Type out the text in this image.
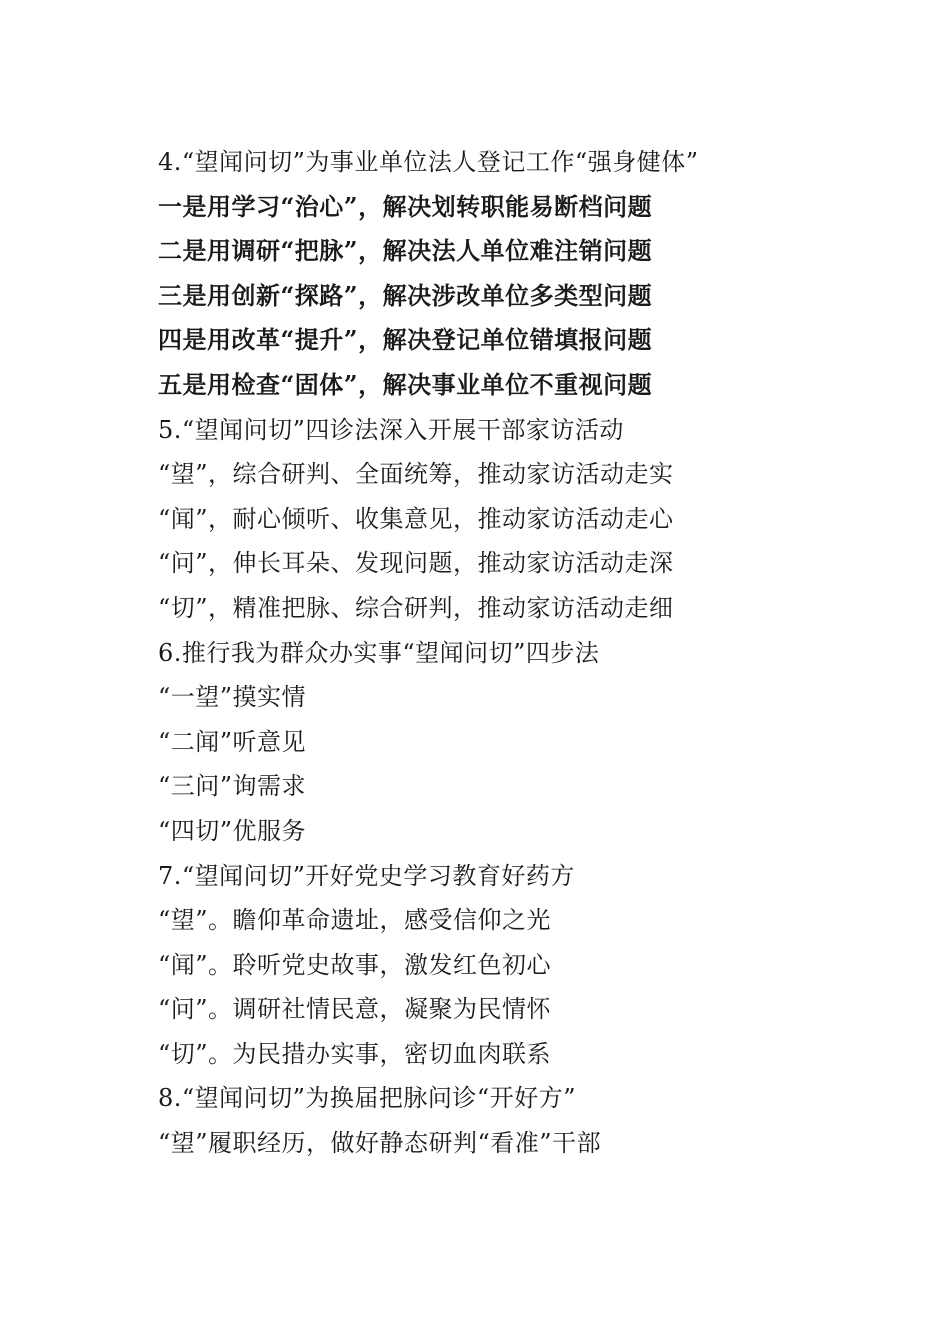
4.“望闻问切”为事业单位法人登记工作“强身健体”
一是用学习“治心”，解决划转职能易断档问题
二是用调研“把脉”，解决法人单位难注销问题
三是用创新“探路”，解决涉改单位多类型问题
四是用改革“提升”，解决登记单位错填报问题
五是用检查“固体”，解决事业单位不重视问题
5.“望闻问切”四诊法深入开展干部家访活动
“望”，综合研判、全面统筹，推动家访活动走实
“闻”，耐心倾听、收集意见，推动家访活动走心
“问”，伸长耳朵、发现问题，推动家访活动走深
“切”，精准把脉、综合研判，推动家访活动走细
6.推行我为群众办实事“望闻问切”四步法
“一望”摸实情
“二闻”听意见
“三问”询需求
“四切”优服务
7.“望闻问切”开好党史学习教育好药方
“望”。瞻仰革命遗址，感受信仰之光
“闻”。聆听党史故事，激发红色初心
“问”。调研社情民意，凝聚为民情怀
“切”。为民措办实事，密切血肉联系
8.“望闻问切”为换届把脉问诊“开好方”
“望”履职经历，做好静态研判“看准”干部
